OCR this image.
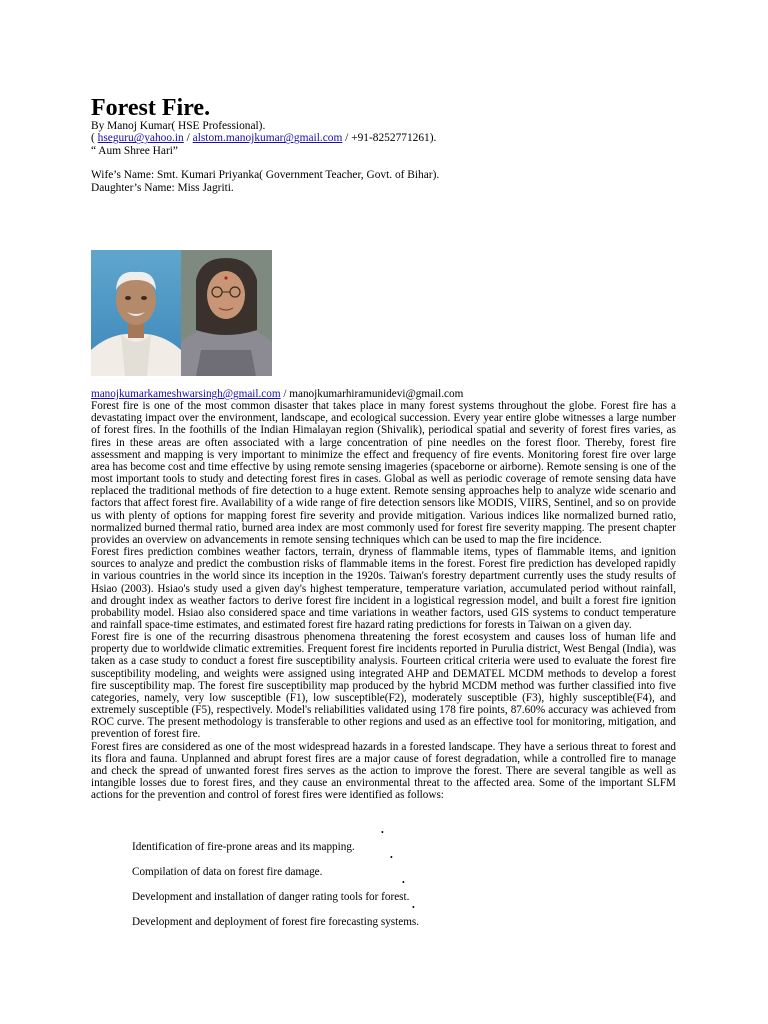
Forest Fire.
By Manoj Kumar( HSE Professional).
( hseguru@yahoo.in / alstom.manojkumar@gmail.com / +91-8252771261).
“ Aum Shree Hari”
Wife’s Name: Smt. Kumari Priyanka( Government Teacher, Govt. of Bihar).
Daughter’s Name: Miss Jagriti.
manojkumarkameshwarsingh@gmail.com / manojkumarhiramunidevi@gmail.com

Forest fire is one of the most common disaster that takes place in many forest systems throughout the globe. Forest fire has a devastating impact over the environment, landscape, and ecological succession. Every year entire globe witnesses a large number of forest fires. In the foothills of the Indian Himalayan region (Shivalik), periodical spatial and severity of forest fires varies, as fires in these areas are often associated with a large concentration of pine needles on the forest floor. Thereby, forest fire assessment and mapping is very important to minimize the effect and frequency of fire events. Monitoring forest fire over large area has become cost and time effective by using remote sensing imageries (spaceborne or airborne). Remote sensing is one of the most important tools to study and detecting forest fires in cases. Global as well as periodic coverage of remote sensing data have replaced the traditional methods of fire detection to a huge extent. Remote sensing approaches help to analyze wide scenario and factors that affect forest fire. Availability of a wide range of fire detection sensors like MODIS, VIIRS, Sentinel, and so on provide us with plenty of options for mapping forest fire severity and provide mitigation. Various indices like normalized burned ratio, normalized burned thermal ratio, burned area index are most commonly used for forest fire severity mapping. The present chapter provides an overview on advancements in remote sensing techniques which can be used to map the fire incidence.

Forest fires prediction combines weather factors, terrain, dryness of flammable items, types of flammable items, and ignition sources to analyze and predict the combustion risks of flammable items in the forest. Forest fire prediction has developed rapidly in various countries in the world since its inception in the 1920s. Taiwan's forestry department currently uses the study results of Hsiao (2003). Hsiao's study used a given day's highest temperature, temperature variation, accumulated period without rainfall, and drought index as weather factors to derive forest fire incident in a logistical regression model, and built a forest fire ignition probability model. Hsiao also considered space and time variations in weather factors, used GIS systems to conduct temperature and rainfall space-time estimates, and estimated forest fire hazard rating predictions for forests in Taiwan on a given day.

Forest fire is one of the recurring disastrous phenomena threatening the forest ecosystem and causes loss of human life and property due to worldwide climatic extremities. Frequent forest fire incidents reported in Purulia district, West Bengal (India), was taken as a case study to conduct a forest fire susceptibility analysis. Fourteen critical criteria were used to evaluate the forest fire susceptibility modeling, and weights were assigned using integrated AHP and DEMATEL MCDM methods to develop a forest fire susceptibility map. The forest fire susceptibility map produced by the hybrid MCDM method was further classified into five categories, namely, very low susceptible (F1), low susceptible(F2), moderately susceptible (F3), highly susceptible(F4), and extremely susceptible (F5), respectively. Model's reliabilities validated using 178 fire points, 87.60% accuracy was achieved from ROC curve. The present methodology is transferable to other regions and used as an effective tool for monitoring, mitigation, and prevention of forest fire.

Forest fires are considered as one of the most widespread hazards in a forested landscape. They have a serious threat to forest and its flora and fauna. Unplanned and abrupt forest fires are a major cause of forest degradation, while a controlled fire to manage and check the spread of unwanted forest fires serves as the action to improve the forest. There are several tangible as well as intangible losses due to forest fires, and they cause an environmental threat to the affected area. Some of the important SLFM actions for the prevention and control of forest fires were identified as follows:

•
Identification of fire-prone areas and its mapping.
•
Compilation of data on forest fire damage.
•
Development and installation of danger rating tools for forest.
•
Development and deployment of forest fire forecasting systems.
